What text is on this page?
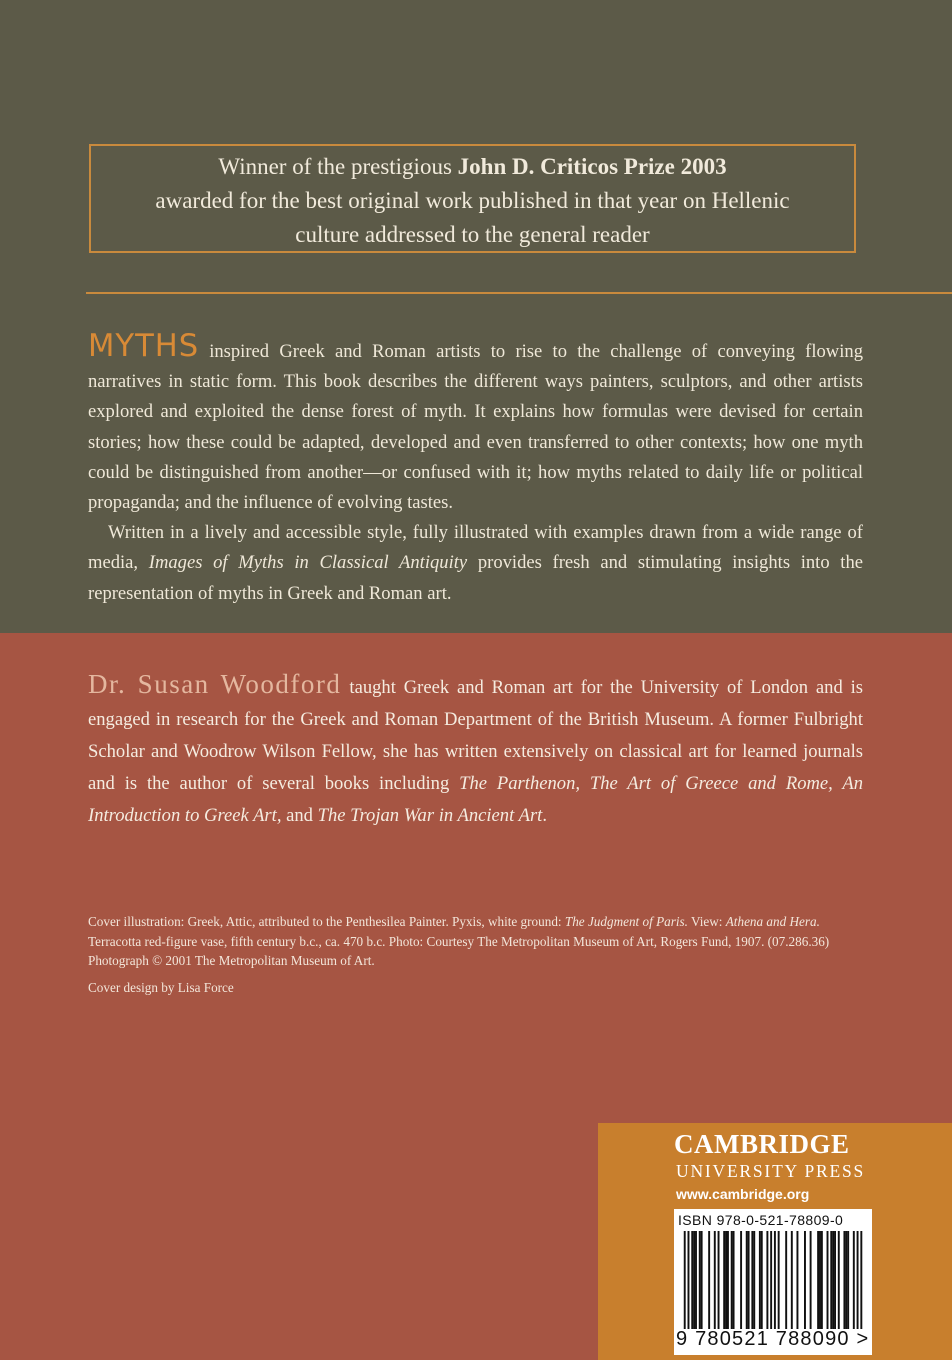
Winner of the prestigious John D. Criticos Prize 2003
awarded for the best original work published in that year on Hellenic
culture addressed to the general reader

MYTHS inspired Greek and Roman artists to rise to the challenge of conveying flowing narratives in static form. This book describes the different ways painters, sculptors, and other artists explored and exploited the dense forest of myth. It explains how formulas were devised for certain stories; how these could be adapted, developed and even transferred to other contexts; how one myth could be distinguished from another—or confused with it; how myths related to daily life or political propaganda; and the influence of evolving tastes.

Written in a lively and accessible style, fully illustrated with examples drawn from a wide range of media, Images of Myths in Classical Antiquity provides fresh and stimulating insights into the representation of myths in Greek and Roman art.

Dr. Susan Woodford taught Greek and Roman art for the University of London and is engaged in research for the Greek and Roman Department of the British Museum. A former Fulbright Scholar and Woodrow Wilson Fellow, she has written extensively on classical art for learned journals and is the author of several books including The Parthenon, The Art of Greece and Rome, An Introduction to Greek Art, and The Trojan War in Ancient Art.

Cover illustration: Greek, Attic, attributed to the Penthesilea Painter. Pyxis, white ground: The Judgment of Paris. View: Athena and Hera. Terracotta red-figure vase, fifth century b.c., ca. 470 b.c. Photo: Courtesy The Metropolitan Museum of Art, Rogers Fund, 1907. (07.286.36) Photograph © 2001 The Metropolitan Museum of Art.

Cover design by Lisa Force

CAMBRIDGE
UNIVERSITY PRESS
www.cambridge.org
ISBN 978-0-521-78809-0
9 780521 788090 >
